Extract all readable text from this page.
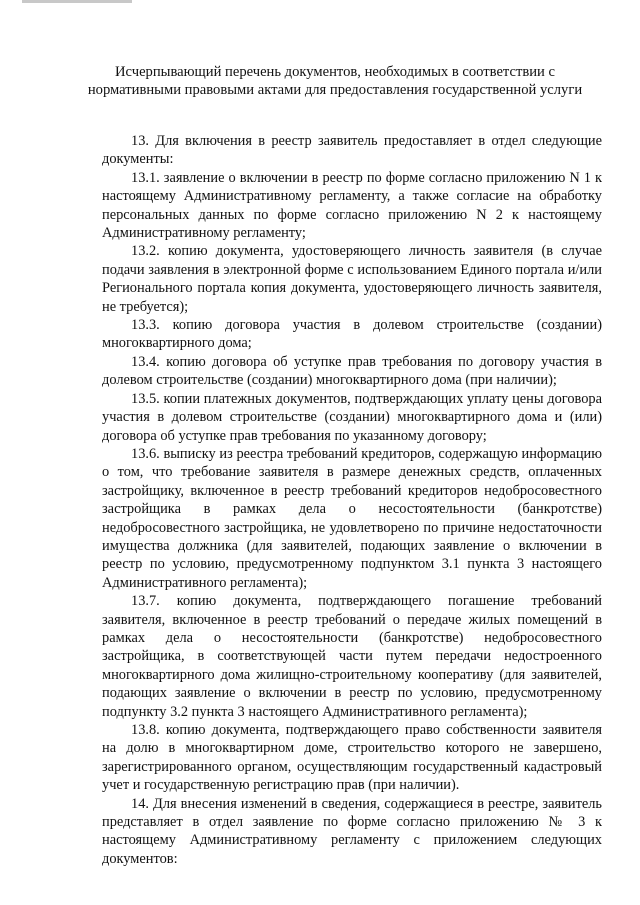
Исчерпывающий перечень документов, необходимых в соответствии с нормативными правовыми актами для предоставления государственной услуги

13. Для включения в реестр заявитель предоставляет в отдел следующие документы:

13.1. заявление о включении в реестр по форме согласно приложению N 1 к настоящему Административному регламенту, а также согласие на обработку персональных данных по форме согласно приложению N 2 к настоящему Административному регламенту;

13.2. копию документа, удостоверяющего личность заявителя (в случае подачи заявления в электронной форме с использованием Единого портала и/или Регионального портала копия документа, удостоверяющего личность заявителя, не требуется);

13.3. копию договора участия в долевом строительстве (создании) многоквартирного дома;

13.4. копию договора об уступке прав требования по договору участия в долевом строительстве (создании) многоквартирного дома (при наличии);

13.5. копии платежных документов, подтверждающих уплату цены договора участия в долевом строительстве (создании) многоквартирного дома и (или) договора об уступке прав требования по указанному договору;

13.6. выписку из реестра требований кредиторов, содержащую информацию о том, что требование заявителя в размере денежных средств, оплаченных застройщику, включенное в реестр требований кредиторов недобросовестного застройщика в рамках дела о несостоятельности (банкротстве) недобросовестного застройщика, не удовлетворено по причине недостаточности имущества должника (для заявителей, подающих заявление о включении в реестр по условию, предусмотренному подпунктом 3.1 пункта 3 настоящего Административного регламента);

13.7. копию документа, подтверждающего погашение требований заявителя, включенное в реестр требований о передаче жилых помещений в рамках дела о несостоятельности (банкротстве) недобросовестного застройщика, в соответствующей части путем передачи недостроенного многоквартирного дома жилищно-строительному кооперативу (для заявителей, подающих заявление о включении в реестр по условию, предусмотренному подпункту 3.2 пункта 3 настоящего Административного регламента);

13.8. копию документа, подтверждающего право собственности заявителя на долю в многоквартирном доме, строительство которого не завершено, зарегистрированного органом, осуществляющим государственный кадастровый учет и государственную регистрацию прав (при наличии).

14. Для внесения изменений в сведения, содержащиеся в реестре, заявитель представляет в отдел заявление по форме согласно приложению № 3 к настоящему Административному регламенту с приложением следующих документов:
